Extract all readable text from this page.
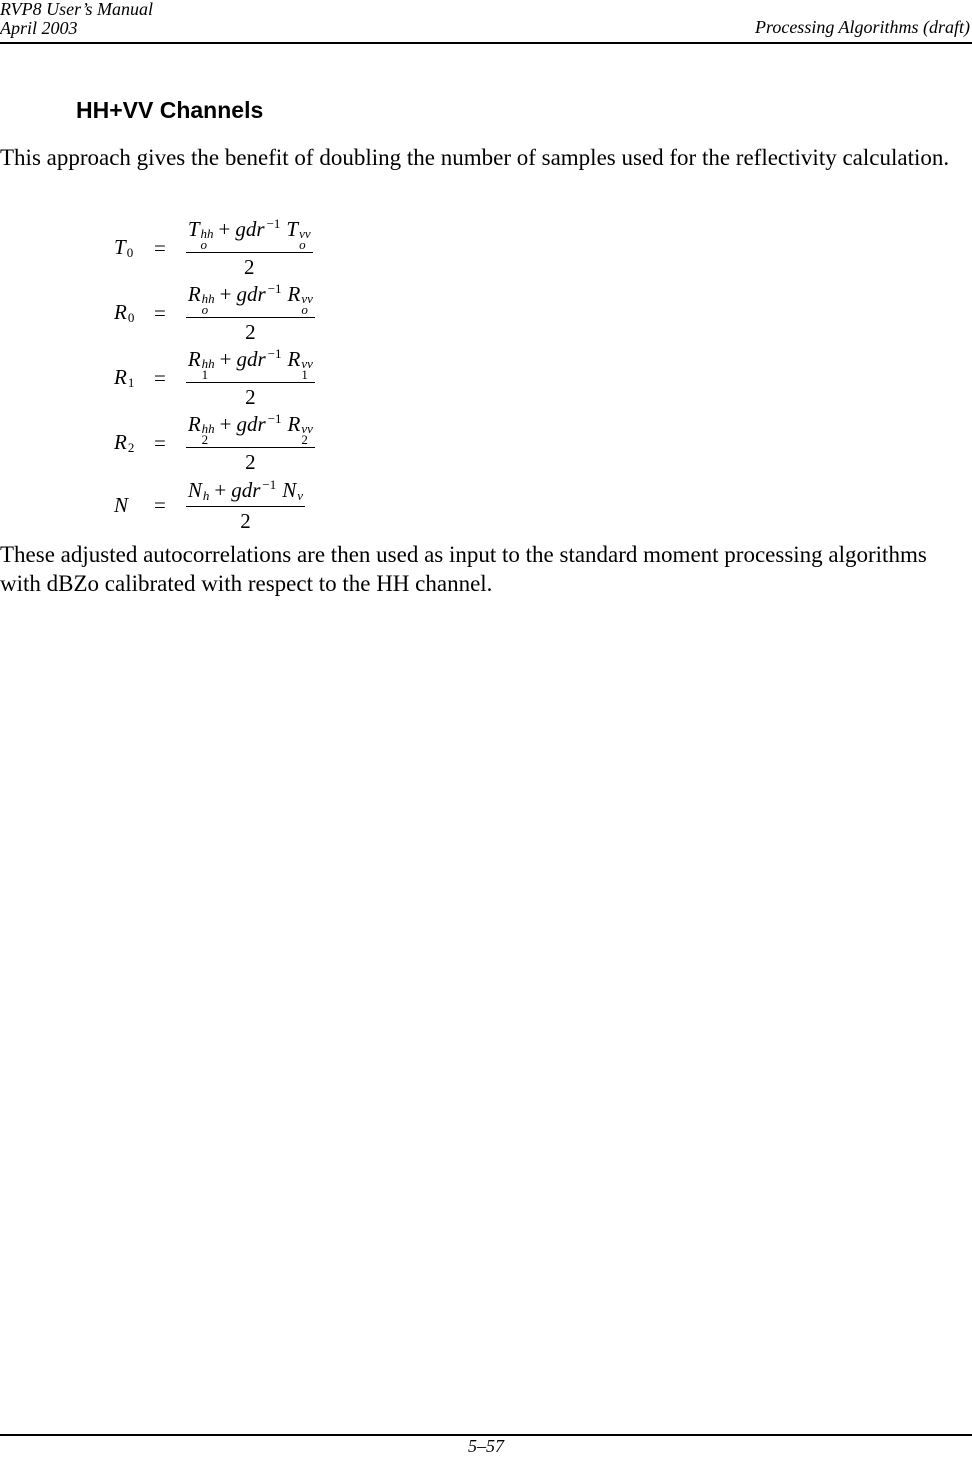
RVP8 User’s Manual
April 2003	Processing Algorithms (draft)
HH+VV Channels
This approach gives the benefit of doubling the number of samples used for the reflectivity calculation.
$T_0 = T$ hh
o
+ gdr $^{-1}$ T vv
o
2
$R_0 = R$ hh
o
+ gdr $^{-1}$ R vv
o
2
$R_1 = R$ hh
1
+ gdr $^{-1}$ R vv
1
2
$R_2 = R$ hh
2
+ gdr $^{-1}$ R vv
2
2
N	= $\frac{N_h + gdr ^{-1} N_v}{2}$
These adjusted autocorrelations are then used as input to the standard moment processing algorithms with dBZo calibrated with respect to the HH channel.
5–57
